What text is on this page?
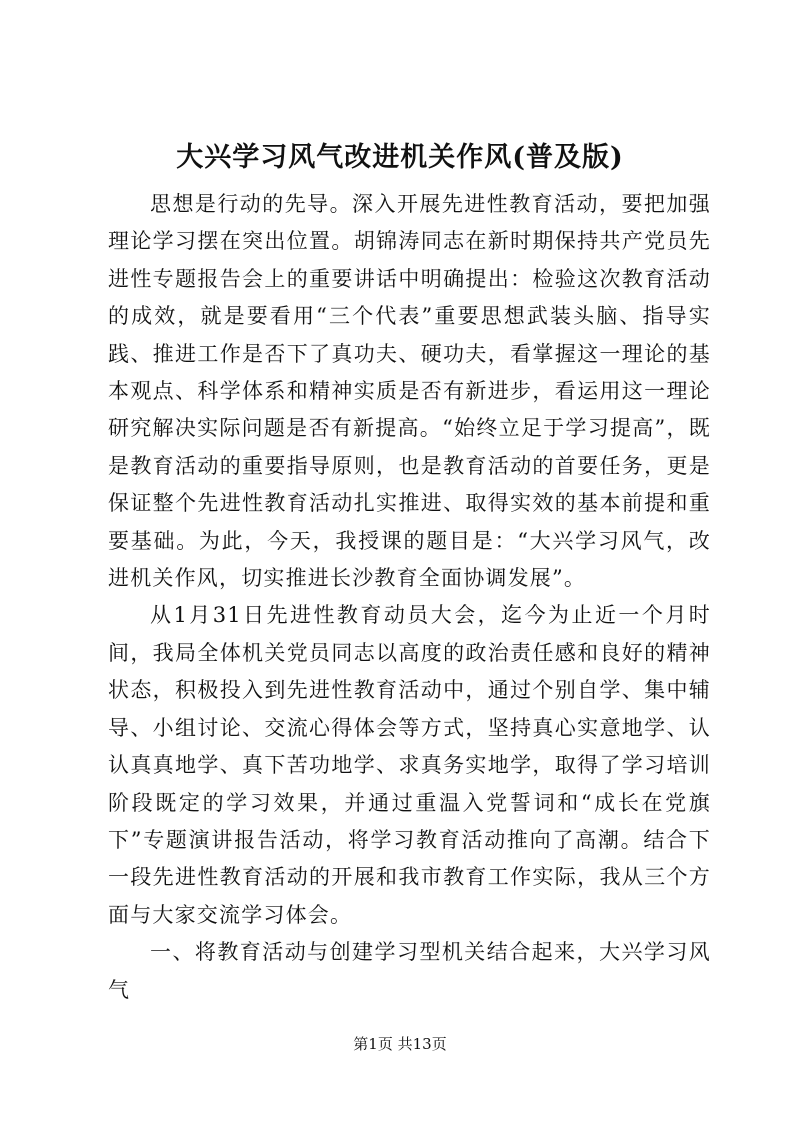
大兴学习风气改进机关作风(普及版)

思想是行动的先导。深入开展先进性教育活动，要把加强理论学习摆在突出位置。胡锦涛同志在新时期保持共产党员先进性专题报告会上的重要讲话中明确提出：检验这次教育活动的成效，就是要看用“三个代表”重要思想武装头脑、指导实践、推进工作是否下了真功夫、硬功夫，看掌握这一理论的基本观点、科学体系和精神实质是否有新进步，看运用这一理论研究解决实际问题是否有新提高。“始终立足于学习提高”，既是教育活动的重要指导原则，也是教育活动的首要任务，更是保证整个先进性教育活动扎实推进、取得实效的基本前提和重要基础。为此，今天，我授课的题目是：“大兴学习风气，改进机关作风，切实推进长沙教育全面协调发展”。

从1月31日先进性教育动员大会，迄今为止近一个月时间，我局全体机关党员同志以高度的政治责任感和良好的精神状态，积极投入到先进性教育活动中，通过个别自学、集中辅导、小组讨论、交流心得体会等方式，坚持真心实意地学、认认真真地学、真下苦功地学、求真务实地学，取得了学习培训阶段既定的学习效果，并通过重温入党誓词和“成长在党旗下”专题演讲报告活动，将学习教育活动推向了高潮。结合下一段先进性教育活动的开展和我市教育工作实际，我从三个方面与大家交流学习体会。

一、将教育活动与创建学习型机关结合起来，大兴学习风气

第1页 共13页
